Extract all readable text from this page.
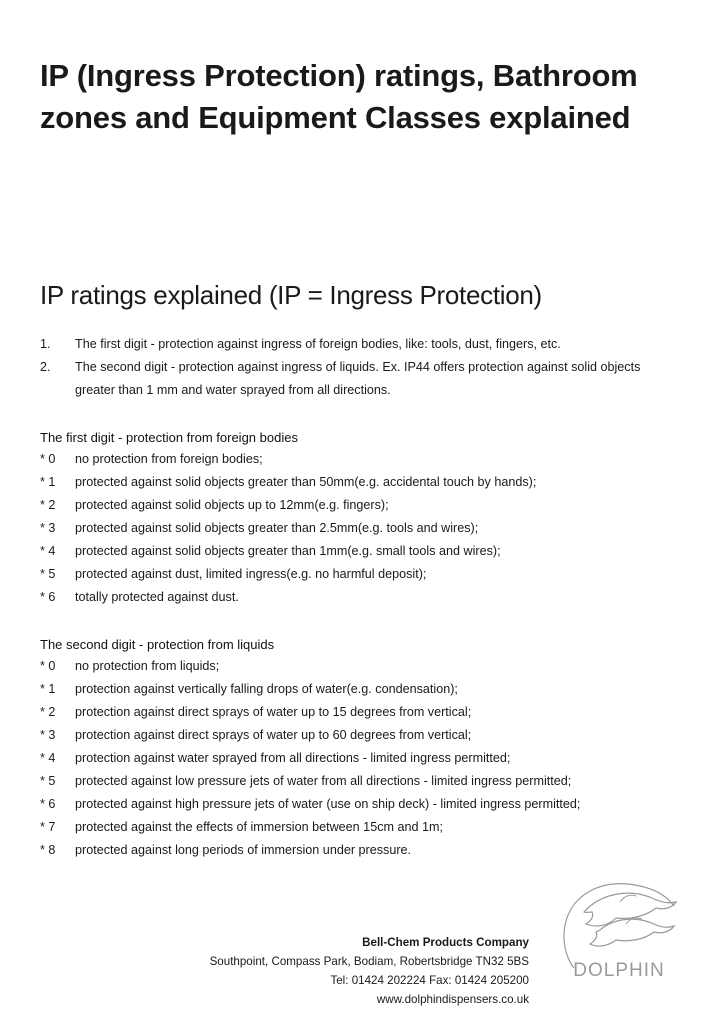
IP (Ingress Protection) ratings, Bathroom zones and Equipment Classes explained
IP ratings explained (IP = Ingress Protection)
1.	The first digit - protection against ingress of foreign bodies, like: tools, dust, fingers, etc.
2.	The second digit - protection against ingress of liquids. Ex. IP44 offers protection against solid objects greater than 1 mm and water sprayed from all directions.
The first digit - protection from foreign bodies
* 0	no protection from foreign bodies;
* 1	protected against solid objects greater than 50mm(e.g. accidental touch by hands);
* 2	protected against solid objects up to 12mm(e.g. fingers);
* 3	protected against solid objects greater than 2.5mm(e.g. tools and wires);
* 4	protected against solid objects greater than 1mm(e.g. small tools and wires);
* 5	protected against dust, limited ingress(e.g. no harmful deposit);
* 6	totally protected against dust.
The second digit - protection from liquids
* 0	no protection from liquids;
* 1	protection against vertically falling drops of water(e.g. condensation);
* 2	protection against direct sprays of water up to 15 degrees from vertical;
* 3	protection against direct sprays of water up to 60 degrees from vertical;
* 4	protection against water sprayed from all directions - limited ingress permitted;
* 5	protected against low pressure jets of water from all directions - limited ingress permitted;
* 6	protected against high pressure jets of water (use on ship deck) - limited ingress permitted;
* 7	protected against the effects of immersion between 15cm and 1m;
* 8	protected against long periods of immersion under pressure.
Bell-Chem Products Company
Southpoint, Compass Park, Bodiam, Robertsbridge TN32 5BS
Tel: 01424 202224 Fax: 01424 205200
www.dolphindispensers.co.uk
DOLPHIN
